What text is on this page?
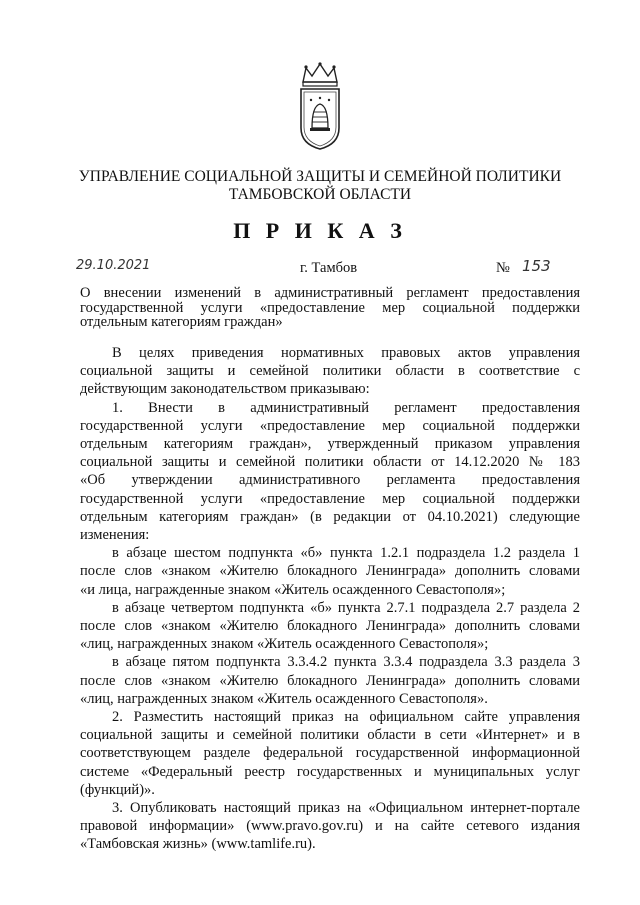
УПРАВЛЕНИЕ СОЦИАЛЬНОЙ ЗАЩИТЫ И СЕМЕЙНОЙ ПОЛИТИКИ
ТАМБОВСКОЙ ОБЛАСТИ
П Р И К А З
29.10.2021	г. Тамбов	№ 153

О внесении изменений в административный регламент предоставления

государственной услуги «предоставление мер социальной поддержки

отдельным категориям граждан»

В целях приведения нормативных правовых актов управления

социальной защиты и семейной политики области в соответствие с

действующим законодательством приказываю:

1. Внести в административный регламент предоставления

государственной услуги «предоставление мер социальной поддержки

отдельным категориям граждан», утвержденный приказом управления

социальной защиты и семейной политики области от 14.12.2020 № 183

«Об утверждении административного регламента предоставления

государственной услуги «предоставление мер социальной поддержки

отдельным категориям граждан» (в редакции от 04.10.2021) следующие

изменения:

в абзаце шестом подпункта «б» пункта 1.2.1 подраздела 1.2 раздела 1

после слов «знаком «Жителю блокадного Ленинграда» дополнить словами

«и лица, награжденные знаком «Житель осажденного Севастополя»;

в абзаце четвертом подпункта «б» пункта 2.7.1 подраздела 2.7 раздела 2

после слов «знаком «Жителю блокадного Ленинграда» дополнить словами

«лиц, награжденных знаком «Житель осажденного Севастополя»;

в абзаце пятом подпункта 3.3.4.2 пункта 3.3.4 подраздела 3.3 раздела 3

после слов «знаком «Жителю блокадного Ленинграда» дополнить словами

«лиц, награжденных знаком «Житель осажденного Севастополя».

2. Разместить настоящий приказ на официальном сайте управления

социальной защиты и семейной политики области в сети «Интернет» и в

соответствующем разделе федеральной государственной информационной

системе «Федеральный реестр государственных и муниципальных услуг

(функций)».

3. Опубликовать настоящий приказ на «Официальном интернет-портале

правовой информации» (www.pravo.gov.ru) и на сайте сетевого издания

«Тамбовская жизнь» (www.tamlife.ru).
